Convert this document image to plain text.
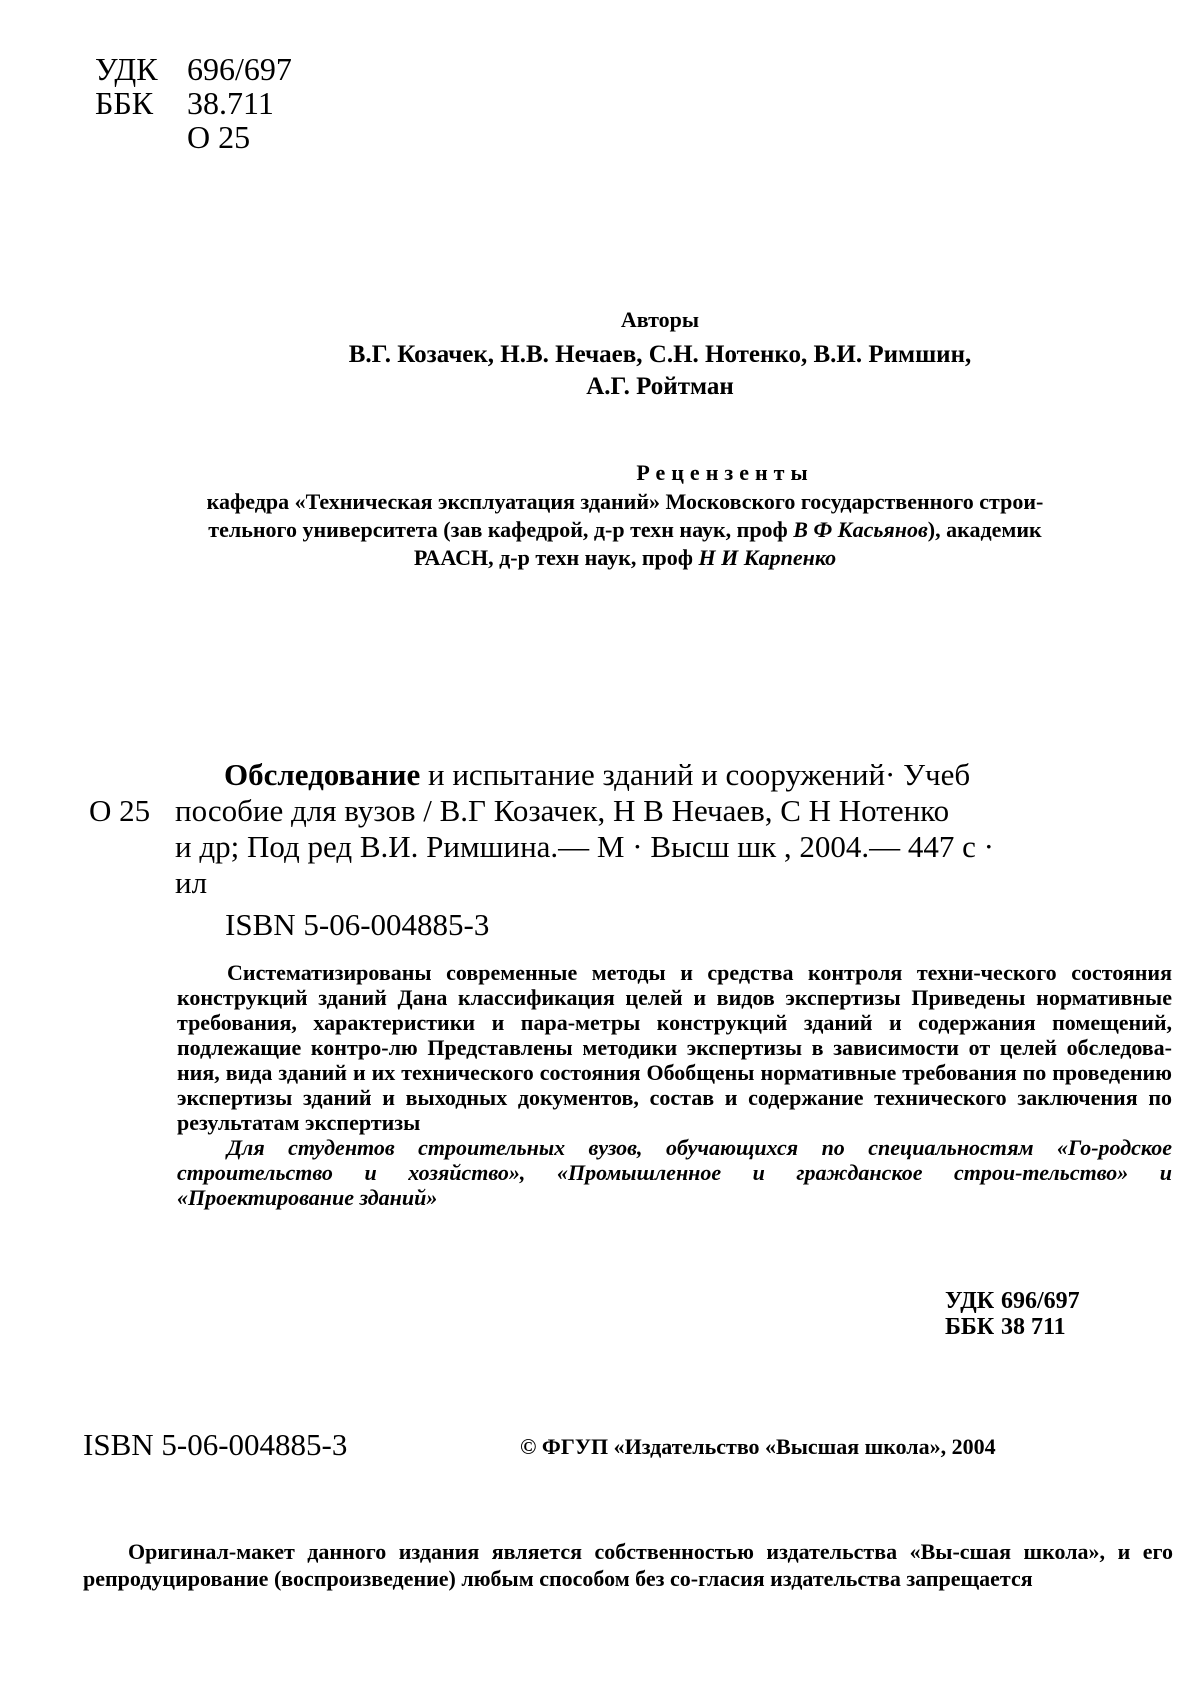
УДК 696/697
ББК 38.711
О 25
Авторы
В.Г. Козачек, Н.В. Нечаев, С.Н. Нотенко, В.И. Римшин,
А.Г. Ройтман
Рецензенты
кафедра «Техническая эксплуатация зданий» Московского государственного строи-
тельного университета (зав кафедрой, д-р техн наук, проф В Ф Касьянов), академик
РААСН, д-р техн наук, проф Н И Карпенко
Обследование и испытание зданий и сооружений· Учеб
О 25 пособие для вузов / В.Г Козачек, Н В Нечаев, С Н Нотенко
и др; Под ред В.И. Римшина.— М · Высш шк , 2004.— 447 с ·
ил
ISBN 5-06-004885-3

Систематизированы современные методы и средства контроля техни-ческого состояния конструкций зданий Дана классификация целей и видов экспертизы Приведены нормативные требования, характеристики и пара-метры конструкций зданий и содержания помещений, подлежащие контро-лю Представлены методики экспертизы в зависимости от целей обследова-ния, вида зданий и их технического состояния Обобщены нормативные требования по проведению экспертизы зданий и выходных документов, состав и содержание технического заключения по результатам экспертизы

Для студентов строительных вузов, обучающихся по специальностям «Го-родское строительство и хозяйство», «Промышленное и гражданское строи-тельство» и «Проектирование зданий»

УДК 696/697
ББК 38 711
ISBN 5-06-004885-3	© ФГУП «Издательство «Высшая школа», 2004

Оригинал-макет данного издания является собственностью издательства «Вы-сшая школа», и его репродуцирование (воспроизведение) любым способом без со-гласия издательства запрещается
